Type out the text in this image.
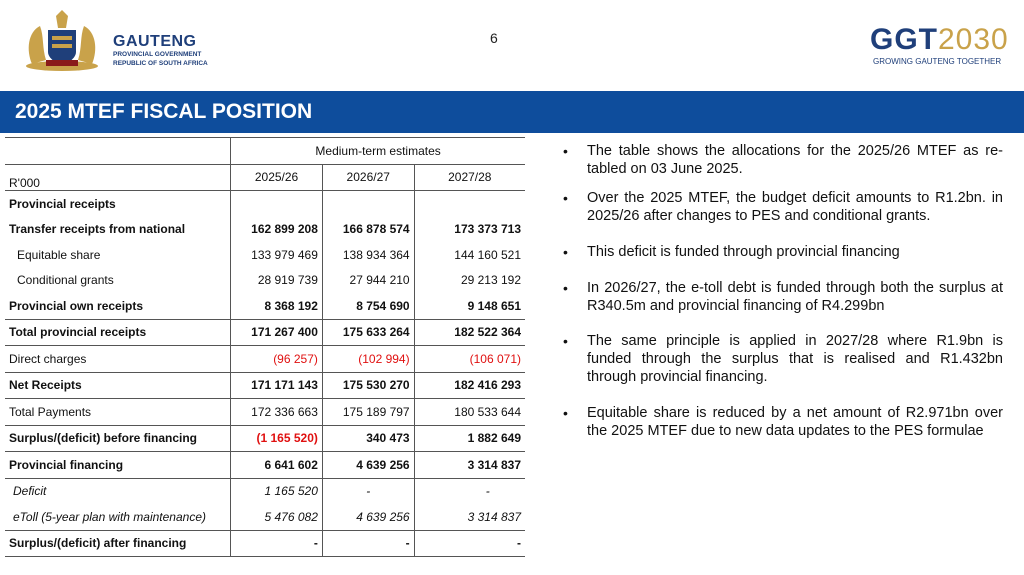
GAUTENG
PROVINCIAL GOVERNMENT
REPUBLIC OF SOUTH AFRICA
6	GGT2030
GROWING GAUTENG TOGETHER
2025 MTEF FISCAL POSITION
	Medium-term estimates		
R'000	2025/26	2026/27	2027/28
Provincial receipts			
Transfer receipts from national	162 899 208	166 878 574	173 373 713
Equitable share	133 979 469	138 934 364	144 160 521
Conditional grants	28 919 739	27 944 210	29 213 192
Provincial own receipts	8 368 192	8 754 690	9 148 651
Total provincial receipts	171 267 400	175 633 264	182 522 364
Direct charges	(96 257)	(102 994)	(106 071)
Net Receipts	171 171 143	175 530 270	182 416 293
Total Payments	172 336 663	175 189 797	180 533 644
Surplus/(deficit) before financing	(1 165 520)	340 473	1 882 649
Provincial financing	6 641 602	4 639 256	3 314 837
Deficit	1 165 520	-	-
eToll (5-year plan with maintenance)	5 476 082	4 639 256	3 314 837
Surplus/(deficit) after financing	-	-	-
• The table shows the allocations for the 2025/26 MTEF as re-tabled on 03 June 2025.
• Over the 2025 MTEF, the budget deficit amounts to R1.2bn. in 2025/26 after changes to PES and conditional grants.
• This deficit is funded through provincial financing
• In 2026/27, the e-toll debt is funded through both the surplus at R340.5m and provincial financing of R4.299bn
• The same principle is applied in 2027/28 where R1.9bn is funded through the surplus that is realised and R1.432bn through provincial financing.
• Equitable share is reduced by a net amount of R2.971bn over the 2025 MTEF due to new data updates to the PES formulae
